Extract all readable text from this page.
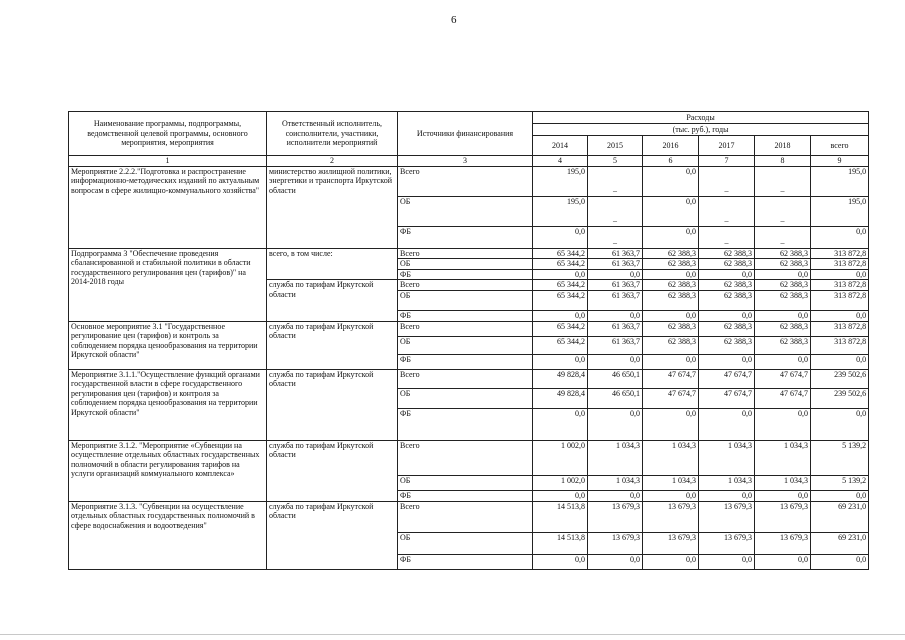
6
Наименование программы, подпрограммы, ведомственной целевой программы, основного мероприятия, мероприятия	Ответственный исполнитель, соисполнители, участники, исполнители мероприятий	Источники финансирования	Расходы					
			(тыс. руб.), годы					
			2014	2015	2016	2017	2018	всего
1	2	3	4	5	6	7	8	9
Мероприятие 2.2.2."Подготовка и распространение информационно-методических изданий по актуальным вопросам в сфере жилищно-коммунального хозяйства"	министерство жилищной политики, энергетики и транспорта Иркутской области	Всего	195,0	–	0,0	–	–	195,0
		ОБ	195,0	–	0,0	–	–	195,0
		ФБ	0,0	–	0,0	–	–	0,0
Подпрограмма 3 "Обеспечение проведения сбалансированной и стабильной политики в области государственного регулирования цен (тарифов)" на 2014-2018 годы	всего, в том числе:	Всего	65 344,2	61 363,7	62 388,3	62 388,3	62 388,3	313 872,8
		ОБ	65 344,2	61 363,7	62 388,3	62 388,3	62 388,3	313 872,8
		ФБ	0,0	0,0	0,0	0,0	0,0	0,0
	служба по тарифам Иркутской области	Всего	65 344,2	61 363,7	62 388,3	62 388,3	62 388,3	313 872,8
		ОБ	65 344,2	61 363,7	62 388,3	62 388,3	62 388,3	313 872,8
		ФБ	0,0	0,0	0,0	0,0	0,0	0,0
Основное мероприятие 3.1 "Государственное регулирование цен (тарифов) и контроль за соблюдением порядка ценообразования на территории Иркутской области"	служба по тарифам Иркутской области	Всего	65 344,2	61 363,7	62 388,3	62 388,3	62 388,3	313 872,8
		ОБ	65 344,2	61 363,7	62 388,3	62 388,3	62 388,3	313 872,8
		ФБ	0,0	0,0	0,0	0,0	0,0	0,0
Мероприятие 3.1.1."Осуществление функций органами государственной власти в сфере государственного регулирования цен (тарифов) и контроля за соблюдением порядка ценообразования на территории Иркутской области"	служба по тарифам Иркутской области	Всего	49 828,4	46 650,1	47 674,7	47 674,7	47 674,7	239 502,6
		ОБ	49 828,4	46 650,1	47 674,7	47 674,7	47 674,7	239 502,6
		ФБ	0,0	0,0	0,0	0,0	0,0	0,0
Мероприятие 3.1.2. "Мероприятие «Субвенции на осуществление отдельных областных государственных полномочий в области регулирования тарифов на услуги организаций коммунального комплекса»	служба по тарифам Иркутской области	Всего	1 002,0	1 034,3	1 034,3	1 034,3	1 034,3	5 139,2
		ОБ	1 002,0	1 034,3	1 034,3	1 034,3	1 034,3	5 139,2
		ФБ	0,0	0,0	0,0	0,0	0,0	0,0
Мероприятие 3.1.3. "Субвенции на осуществление отдельных областных государственных полномочий в сфере водоснабжения и водоотведения"	служба по тарифам Иркутской области	Всего	14 513,8	13 679,3	13 679,3	13 679,3	13 679,3	69 231,0
		ОБ	14 513,8	13 679,3	13 679,3	13 679,3	13 679,3	69 231,0
		ФБ	0,0	0,0	0,0	0,0	0,0	0,0
